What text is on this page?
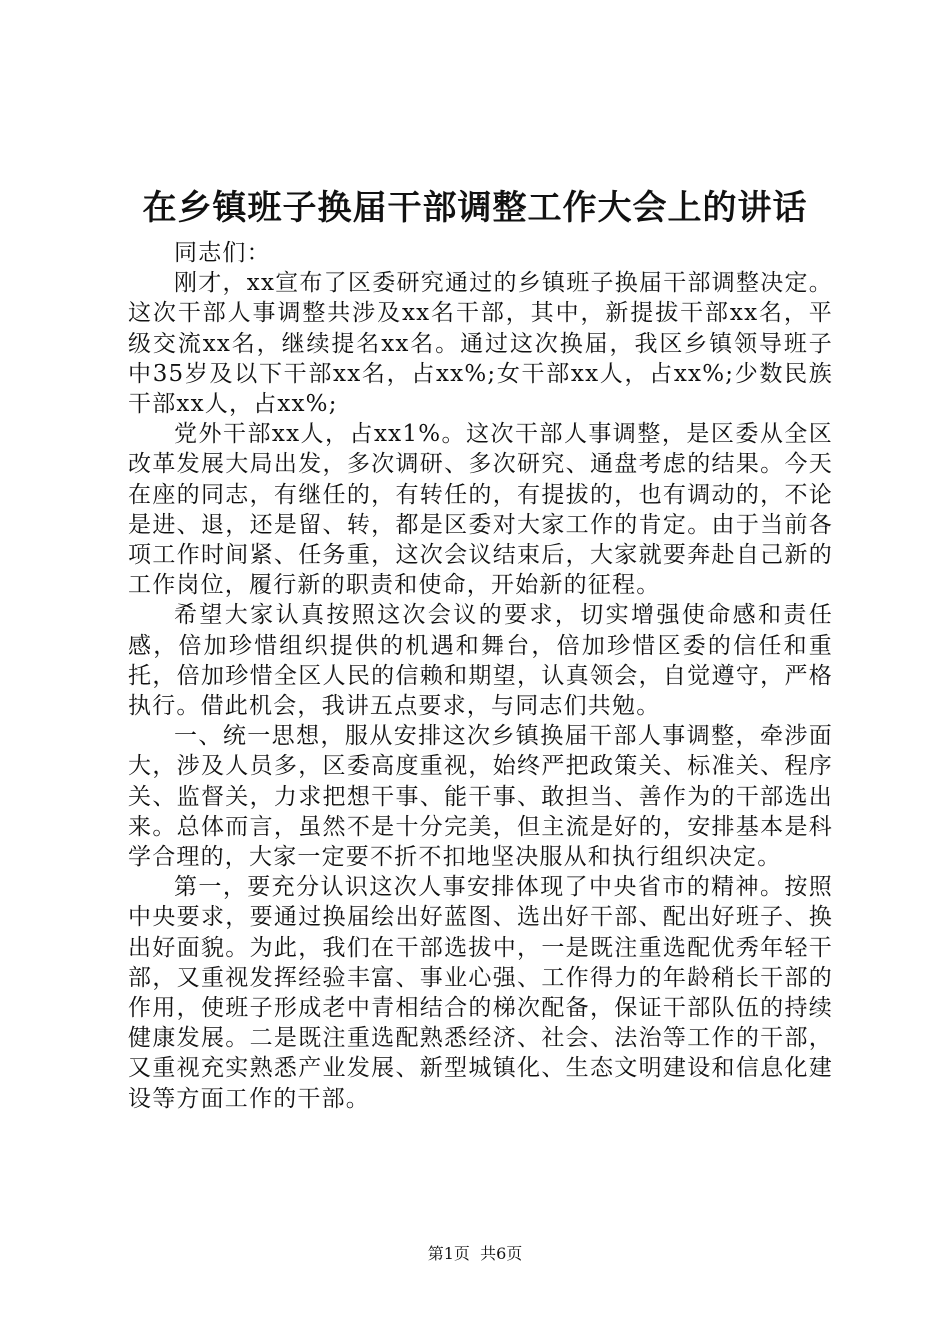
在乡镇班子换届干部调整工作大会上的讲话

同志们：

刚才，xx宣布了区委研究通过的乡镇班子换届干部调整决定。这次干部人事调整共涉及xx名干部，其中，新提拔干部xx名，平级交流xx名，继续提名xx名。通过这次换届，我区乡镇领导班子中35岁及以下干部xx名，占xx%;女干部xx人，占xx%;少数民族干部xx人，占xx%;

党外干部xx人，占xx1%。这次干部人事调整，是区委从全区改革发展大局出发，多次调研、多次研究、通盘考虑的结果。今天在座的同志，有继任的，有转任的，有提拔的，也有调动的，不论是进、退，还是留、转，都是区委对大家工作的肯定。由于当前各项工作时间紧、任务重，这次会议结束后，大家就要奔赴自己新的工作岗位，履行新的职责和使命，开始新的征程。

希望大家认真按照这次会议的要求，切实增强使命感和责任感，倍加珍惜组织提供的机遇和舞台，倍加珍惜区委的信任和重托，倍加珍惜全区人民的信赖和期望，认真领会，自觉遵守，严格执行。借此机会，我讲五点要求，与同志们共勉。

一、统一思想，服从安排这次乡镇换届干部人事调整，牵涉面大，涉及人员多，区委高度重视，始终严把政策关、标准关、程序关、监督关，力求把想干事、能干事、敢担当、善作为的干部选出来。总体而言，虽然不是十分完美，但主流是好的，安排基本是科学合理的，大家一定要不折不扣地坚决服从和执行组织决定。

第一，要充分认识这次人事安排体现了中央省市的精神。按照中央要求，要通过换届绘出好蓝图、选出好干部、配出好班子、换出好面貌。为此，我们在干部选拔中，一是既注重选配优秀年轻干部，又重视发挥经验丰富、事业心强、工作得力的年龄稍长干部的作用，使班子形成老中青相结合的梯次配备，保证干部队伍的持续健康发展。二是既注重选配熟悉经济、社会、法治等工作的干部，又重视充实熟悉产业发展、新型城镇化、生态文明建设和信息化建设等方面工作的干部。

第1页 共6页
